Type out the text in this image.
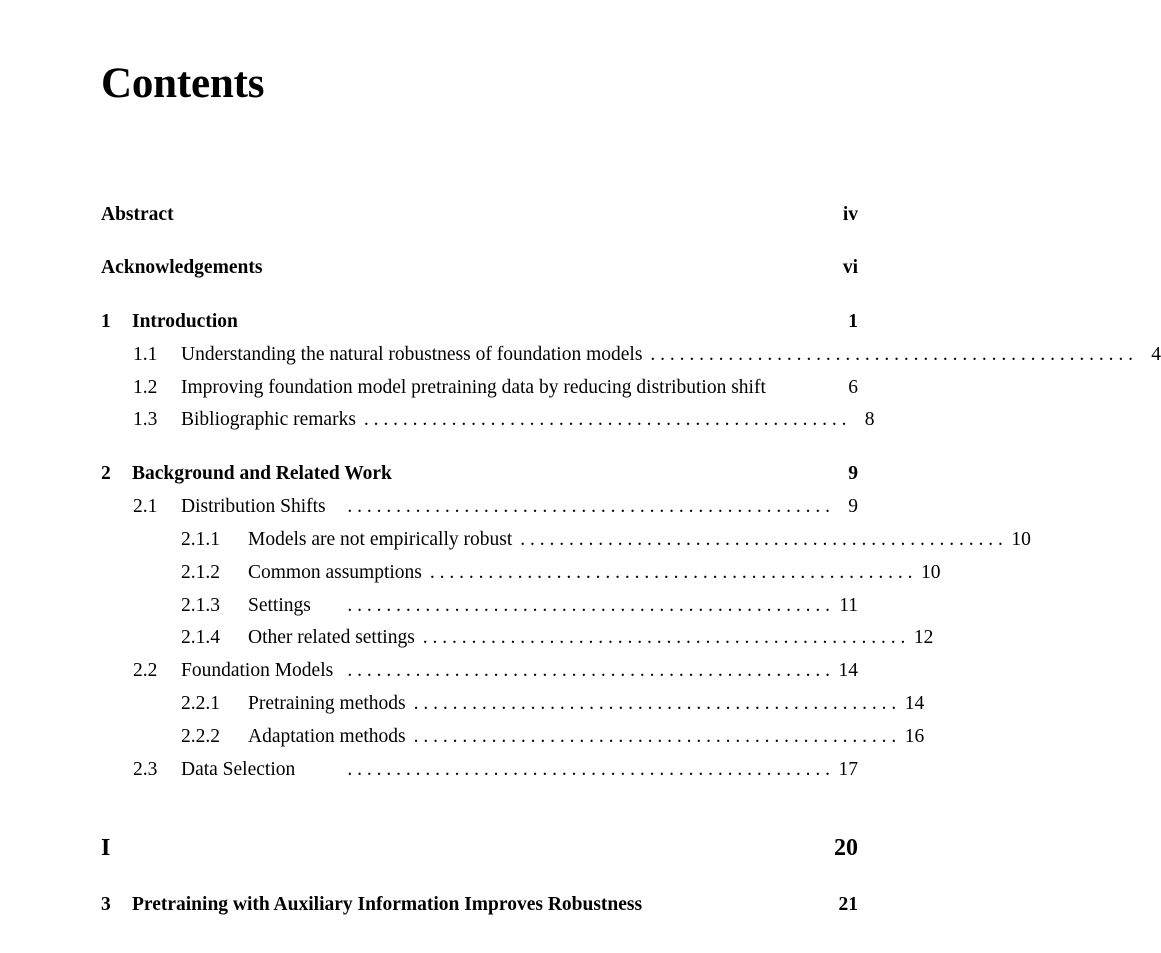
Contents
Abstract	iv
Acknowledgements	vi
1	Introduction	1
1.1	Understanding the natural robustness of foundation models . . . . . . . . . . . . . . . . . . . . . . . . . . . . . . . . . . . . . . . . . . . . . . . . . . 4
1.2	Improving foundation model pretraining data by reducing distribution shift	6
1.3	Bibliographic remarks . . . . . . . . . . . . . . . . . . . . . . . . . . . . . . . . . . . . . . . . . . . . . . . . . . 8
2	Background and Related Work	9
2.1	Distribution Shifts	. . . . . . . . . . . . . . . . . . . . . . . . . . . . . . . . . . . . . . . . . . . . . . . . . . 9
2.1.1	Models are not empirically robust . . . . . . . . . . . . . . . . . . . . . . . . . . . . . . . . . . . . . . . . . . . . . . . . . . 10
2.1.2	Common assumptions . . . . . . . . . . . . . . . . . . . . . . . . . . . . . . . . . . . . . . . . . . . . . . . . . . 10
2.1.3	Settings	. . . . . . . . . . . . . . . . . . . . . . . . . . . . . . . . . . . . . . . . . . . . . . . . . . 11
2.1.4	Other related settings . . . . . . . . . . . . . . . . . . . . . . . . . . . . . . . . . . . . . . . . . . . . . . . . . . 12
2.2	Foundation Models . . . . . . . . . . . . . . . . . . . . . . . . . . . . . . . . . . . . . . . . . . . . . . . . . . 14
2.2.1	Pretraining methods . . . . . . . . . . . . . . . . . . . . . . . . . . . . . . . . . . . . . . . . . . . . . . . . . . 14
2.2.2	Adaptation methods . . . . . . . . . . . . . . . . . . . . . . . . . . . . . . . . . . . . . . . . . . . . . . . . . . 16
2.3	Data Selection	. . . . . . . . . . . . . . . . . . . . . . . . . . . . . . . . . . . . . . . . . . . . . . . . . . 17
I	20
3	Pretraining with Auxiliary Information Improves Robustness	21
